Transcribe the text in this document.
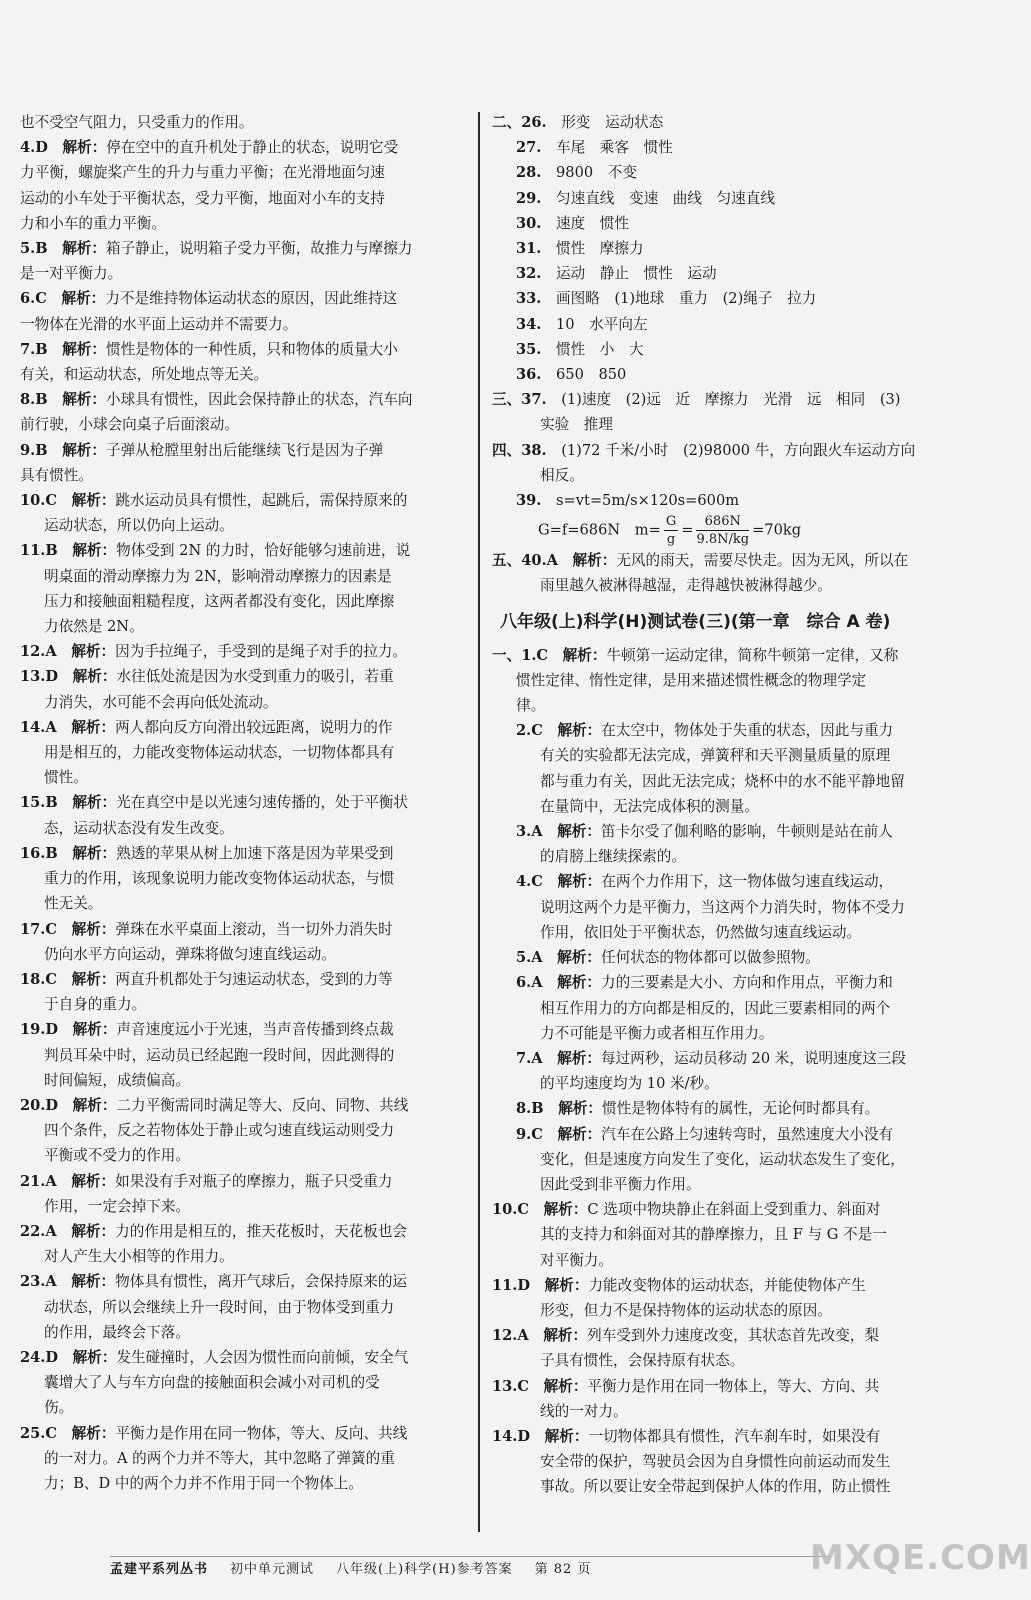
也不受空气阻力，只受重力的作用。

4.D　 解析：停在空中的直升机处于静止的状态，说明它受

力平衡，螺旋桨产生的升力与重力平衡；在光滑地面匀速

运动的小车处于平衡状态，受力平衡，地面对小车的支持

力和小车的重力平衡。

5.B　 解析：箱子静止，说明箱子受力平衡，故推力与摩擦力

是一对平衡力。

6.C　 解析：力不是维持物体运动状态的原因，因此维持这

一物体在光滑的水平面上运动并不需要力。

7.B　 解析：惯性是物体的一种性质，只和物体的质量大小

有关，和运动状态，所处地点等无关。

8.B　 解析：小球具有惯性，因此会保持静止的状态，汽车向

前行驶，小球会向桌子后面滚动。

9.B　 解析：子弹从枪膛里射出后能继续飞行是因为子弹

具有惯性。

10.C　 解析：跳水运动员具有惯性，起跳后，需保持原来的

运动状态，所以仍向上运动。

11.B　 解析：物体受到 2N 的力时，恰好能够匀速前进，说

明桌面的滑动摩擦力为 2N，影响滑动摩擦力的因素是

压力和接触面粗糙程度，这两者都没有变化，因此摩擦

力依然是 2N。

12.A　 解析：因为手拉绳子，手受到的是绳子对手的拉力。

13.D　 解析：水往低处流是因为水受到重力的吸引，若重

力消失，水可能不会再向低处流动。

14.A　 解析：两人都向反方向滑出较远距离，说明力的作

用是相互的，力能改变物体运动状态，一切物体都具有

惯性。

15.B　 解析：光在真空中是以光速匀速传播的，处于平衡状

态，运动状态没有发生改变。

16.B　 解析：熟透的苹果从树上加速下落是因为苹果受到

重力的作用，该现象说明力能改变物体运动状态，与惯

性无关。

17.C　 解析：弹珠在水平桌面上滚动，当一切外力消失时

仍向水平方向运动，弹珠将做匀速直线运动。

18.C　 解析：两直升机都处于匀速运动状态，受到的力等

于自身的重力。

19.D　 解析：声音速度远小于光速，当声音传播到终点裁

判员耳朵中时，运动员已经起跑一段时间，因此测得的

时间偏短，成绩偏高。

20.D　 解析：二力平衡需同时满足等大、反向、同物、共线

四个条件，反之若物体处于静止或匀速直线运动则受力

平衡或不受力的作用。

21.A　 解析：如果没有手对瓶子的摩擦力，瓶子只受重力

作用，一定会掉下来。

22.A　 解析：力的作用是相互的，推天花板时，天花板也会

对人产生大小相等的作用力。

23.A　 解析：物体具有惯性，离开气球后，会保持原来的运

动状态，所以会继续上升一段时间，由于物体受到重力

的作用，最终会下落。

24.D　 解析：发生碰撞时，人会因为惯性而向前倾，安全气

囊增大了人与车方向盘的接触面积会减小对司机的受

伤。

25.C　 解析：平衡力是作用在同一物体，等大、反向、共线

的一对力。A 的两个力并不等大，其中忽略了弹簧的重

力；B、D 中的两个力并不作用于同一个物体上。

二、26.　 形变　运动状态

27.　 车尾　乘客　惯性

28.　 9800　不变

29.　 匀速直线　变速　曲线　匀速直线

30.　 速度　惯性

31.　 惯性　摩擦力

32.　 运动　静止　惯性　运动

33.　 画图略　(1)地球　重力　(2)绳子　拉力

34.　 10　水平向左

35.　 惯性　小　大

36.　 650　850

三、37.　 (1)速度　(2)远　近　摩擦力　光滑　远　相同　(3)

实验　推理

四、38.　 (1)72 千米/小时　(2)98000 牛，方向跟火车运动方向

相反。

39.　 s=vt=5m/s×120s=600m

G=f=686N　$m= \frac{G}{g} = \frac{686N}{9.8N/kg} =70kg$

五、40.A　 解析：无风的雨天，需要尽快走。因为无风，所以在

雨里越久被淋得越湿，走得越快被淋得越少。

八年级(上)科学(H)测试卷(三)(第一章　综合 A 卷)

一、1.C　 解析：牛顿第一运动定律，简称牛顿第一定律，又称

惯性定律、惰性定律，是用来描述惯性概念的物理学定

律。

2.C　 解析：在太空中，物体处于失重的状态，因此与重力

有关的实验都无法完成，弹簧秤和天平测量质量的原理

都与重力有关，因此无法完成；烧杯中的水不能平静地留

在量筒中，无法完成体积的测量。

3.A　 解析：笛卡尔受了伽利略的影响，牛顿则是站在前人

的肩膀上继续探索的。

4.C　 解析：在两个力作用下，这一物体做匀速直线运动，

说明这两个力是平衡力，当这两个力消失时，物体不受力

作用，依旧处于平衡状态，仍然做匀速直线运动。

5.A　 解析：任何状态的物体都可以做参照物。

6.A　 解析：力的三要素是大小、方向和作用点，平衡力和

相互作用力的方向都是相反的，因此三要素相同的两个

力不可能是平衡力或者相互作用力。

7.A　 解析：每过两秒，运动员移动 20 米，说明速度这三段

的平均速度均为 10 米/秒。

8.B　 解析：惯性是物体特有的属性，无论何时都具有。

9.C　 解析：汽车在公路上匀速转弯时，虽然速度大小没有

变化，但是速度方向发生了变化，运动状态发生了变化，

因此受到非平衡力作用。

10.C　 解析：C 选项中物块静止在斜面上受到重力、斜面对

其的支持力和斜面对其的静摩擦力，且 F 与 G 不是一

对平衡力。

11.D　 解析：力能改变物体的运动状态，并能使物体产生

形变，但力不是保持物体的运动状态的原因。

12.A　 解析：列车受到外力速度改变，其状态首先改变，梨

子具有惯性，会保持原有状态。

13.C　 解析：平衡力是作用在同一物体上，等大、方向、共

线的一对力。

14.D　 解析：一切物体都具有惯性，汽车刹车时，如果没有

安全带的保护，驾驶员会因为自身惯性向前运动而发生

事故。所以要让安全带起到保护人体的作用，防止惯性

孟建平系列丛书 初中单元测试 八年级(上)科学(H)参考答案 第 82 页	MXQE.COM
